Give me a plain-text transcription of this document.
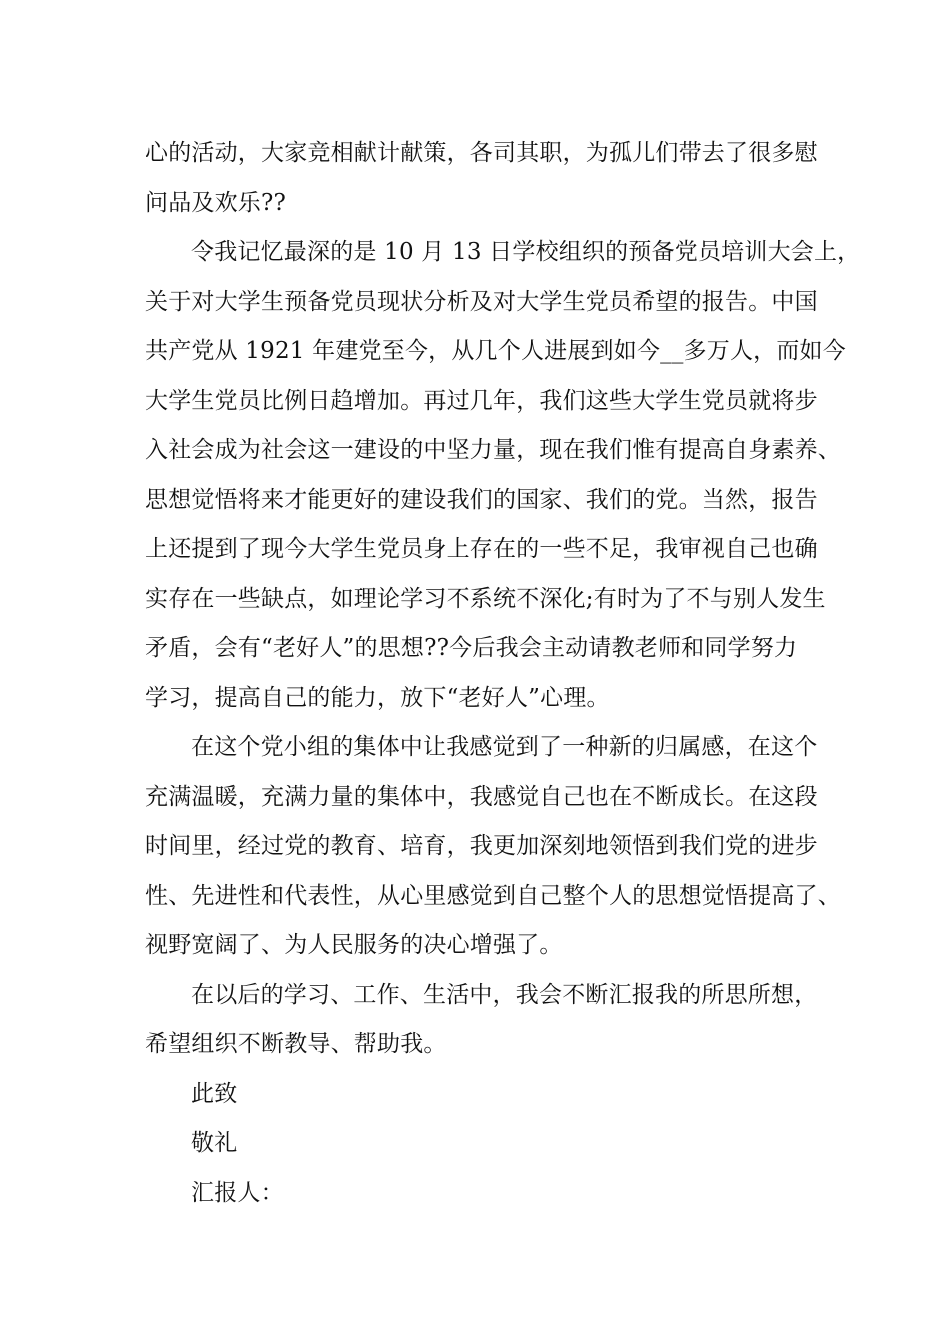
心的活动，大家竞相献计献策，各司其职，为孤儿们带去了很多慰
问品及欢乐??
令我记忆最深的是 10 月 13 日学校组织的预备党员培训大会上，
关于对大学生预备党员现状分析及对大学生党员希望的报告。中国
共产党从 1921 年建党至今，从几个人进展到如今__多万人，而如今
大学生党员比例日趋增加。再过几年，我们这些大学生党员就将步
入社会成为社会这一建设的中坚力量，现在我们惟有提高自身素养、
思想觉悟将来才能更好的建设我们的国家、我们的党。当然，报告
上还提到了现今大学生党员身上存在的一些不足，我审视自己也确
实存在一些缺点，如理论学习不系统不深化;有时为了不与别人发生
矛盾，会有“老好人”的思想??今后我会主动请教老师和同学努力
学习，提高自己的能力，放下“老好人”心理。
在这个党小组的集体中让我感觉到了一种新的归属感，在这个
充满温暖，充满力量的集体中，我感觉自己也在不断成长。在这段
时间里，经过党的教育、培育，我更加深刻地领悟到我们党的进步
性、先进性和代表性，从心里感觉到自己整个人的思想觉悟提高了、
视野宽阔了、为人民服务的决心增强了。
在以后的学习、工作、生活中，我会不断汇报我的所思所想，
希望组织不断教导、帮助我。
此致
敬礼
汇报人：
